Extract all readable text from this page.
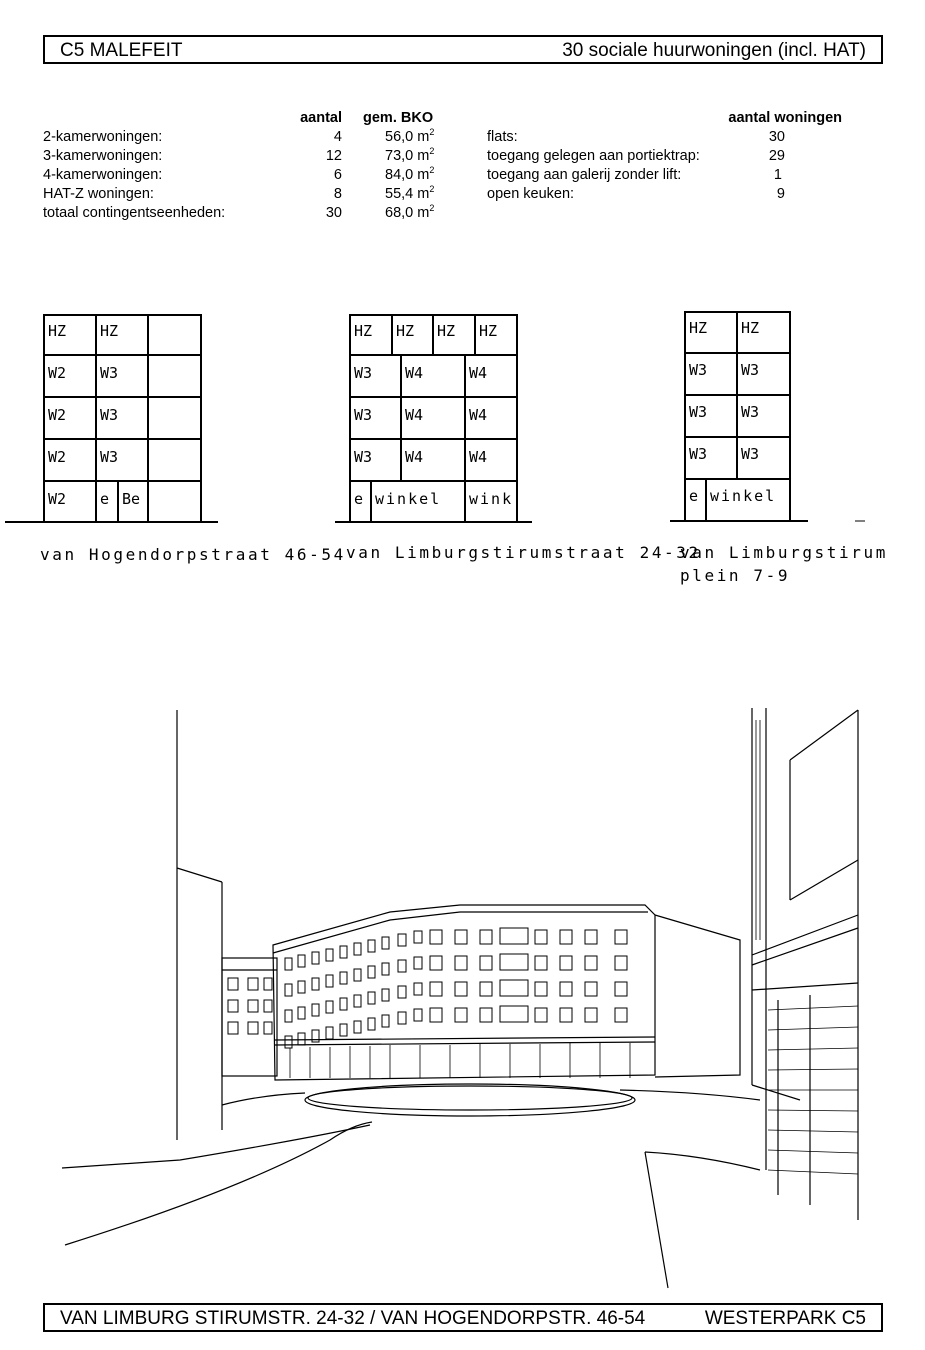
C5 MALEFEIT	30 sociale huurwoningen (incl. HAT)
aantal gem. BKO
2-kamerwoningen:	4	56,0 $m^2$
3-kamerwoningen:	12	73,0 $m^2$
4-kamerwoningen:	6	84,0 $m^2$
HAT-Z woningen:	8	55,4 $m^2$
totaal contingentseenheden:	30	68,0 $m^2$
aantal woningen
flats:	30
toegang gelegen aan portiektrap:	29
toegang aan galerij zonder lift:	1
open keuken:	9
HZ HZ
W2 W3
W2 W3
W2 W3
W2 e Be
HZ HZ HZ HZ
W3 W4	W4
W3 W4	W4
W3 W4	W4
e winkel wink
HZ HZ
W3 W3
W3 W3
W3 W3
e winkel
van Hogendorpstraat 46-54 van Limburgstirumstraat 24-32
van Limburgstirum
plein 7-9
VAN LIMBURG STIRUMSTR. 24-32 / VAN HOGENDORPSTR. 46-54	WESTERPARK C5
